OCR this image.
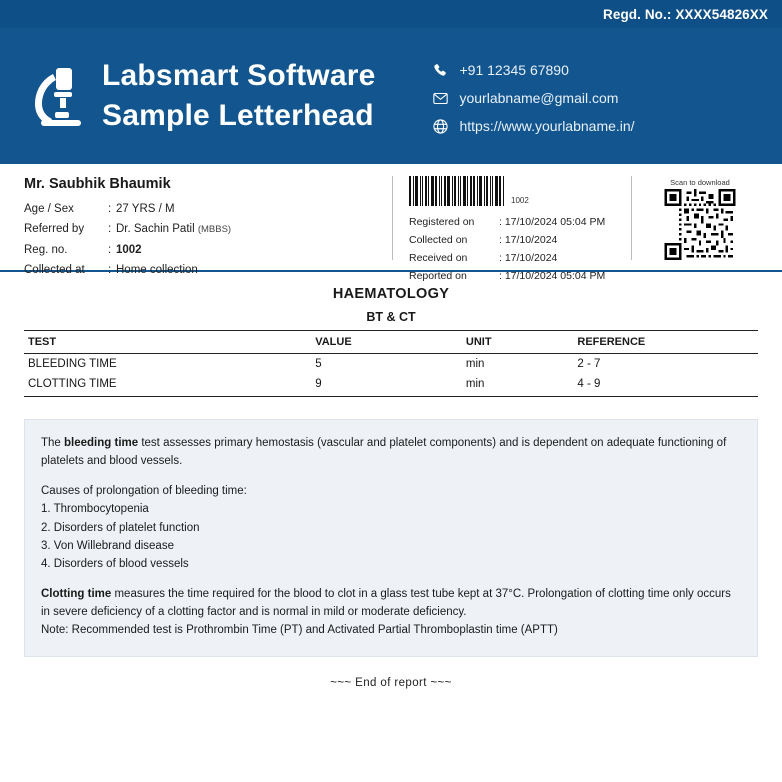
Regd. No.: XXXX54826XX
Labsmart Software
Sample Letterhead
+91 12345 67890
yourlabname@gmail.com
https://www.yourlabname.in/
Mr. Saubhik Bhaumik
Age / Sex	: 27 YRS / M
Referred by	: Dr. Sachin Patil (MBBS)
Reg. no.	: 1002
Collected at	: Home collection
1002
Registered on	: 17/10/2024 05:04 PM
Collected on	: 17/10/2024
Received on	: 17/10/2024
Reported on	: 17/10/2024 05:04 PM
Scan to download
HAEMATOLOGY
BT & CT
TEST	VALUE	UNIT	REFERENCE
BLEEDING TIME	5	min	2 - 7
CLOTTING TIME	9	min	4 - 9

The bleeding time test assesses primary hemostasis (vascular and platelet components) and is dependent on adequate functioning of platelets and blood vessels.

Causes of prolongation of bleeding time:

1. Thrombocytopenia

2. Disorders of platelet function

3. Von Willebrand disease

4. Disorders of blood vessels

Clotting time measures the time required for the blood to clot in a glass test tube kept at 37°C. Prolongation of clotting time only occurs in severe deficiency of a clotting factor and is normal in mild or moderate deficiency.

Note: Recommended test is Prothrombin Time (PT) and Activated Partial Thromboplastin time (APTT)

~~~ End of report ~~~
